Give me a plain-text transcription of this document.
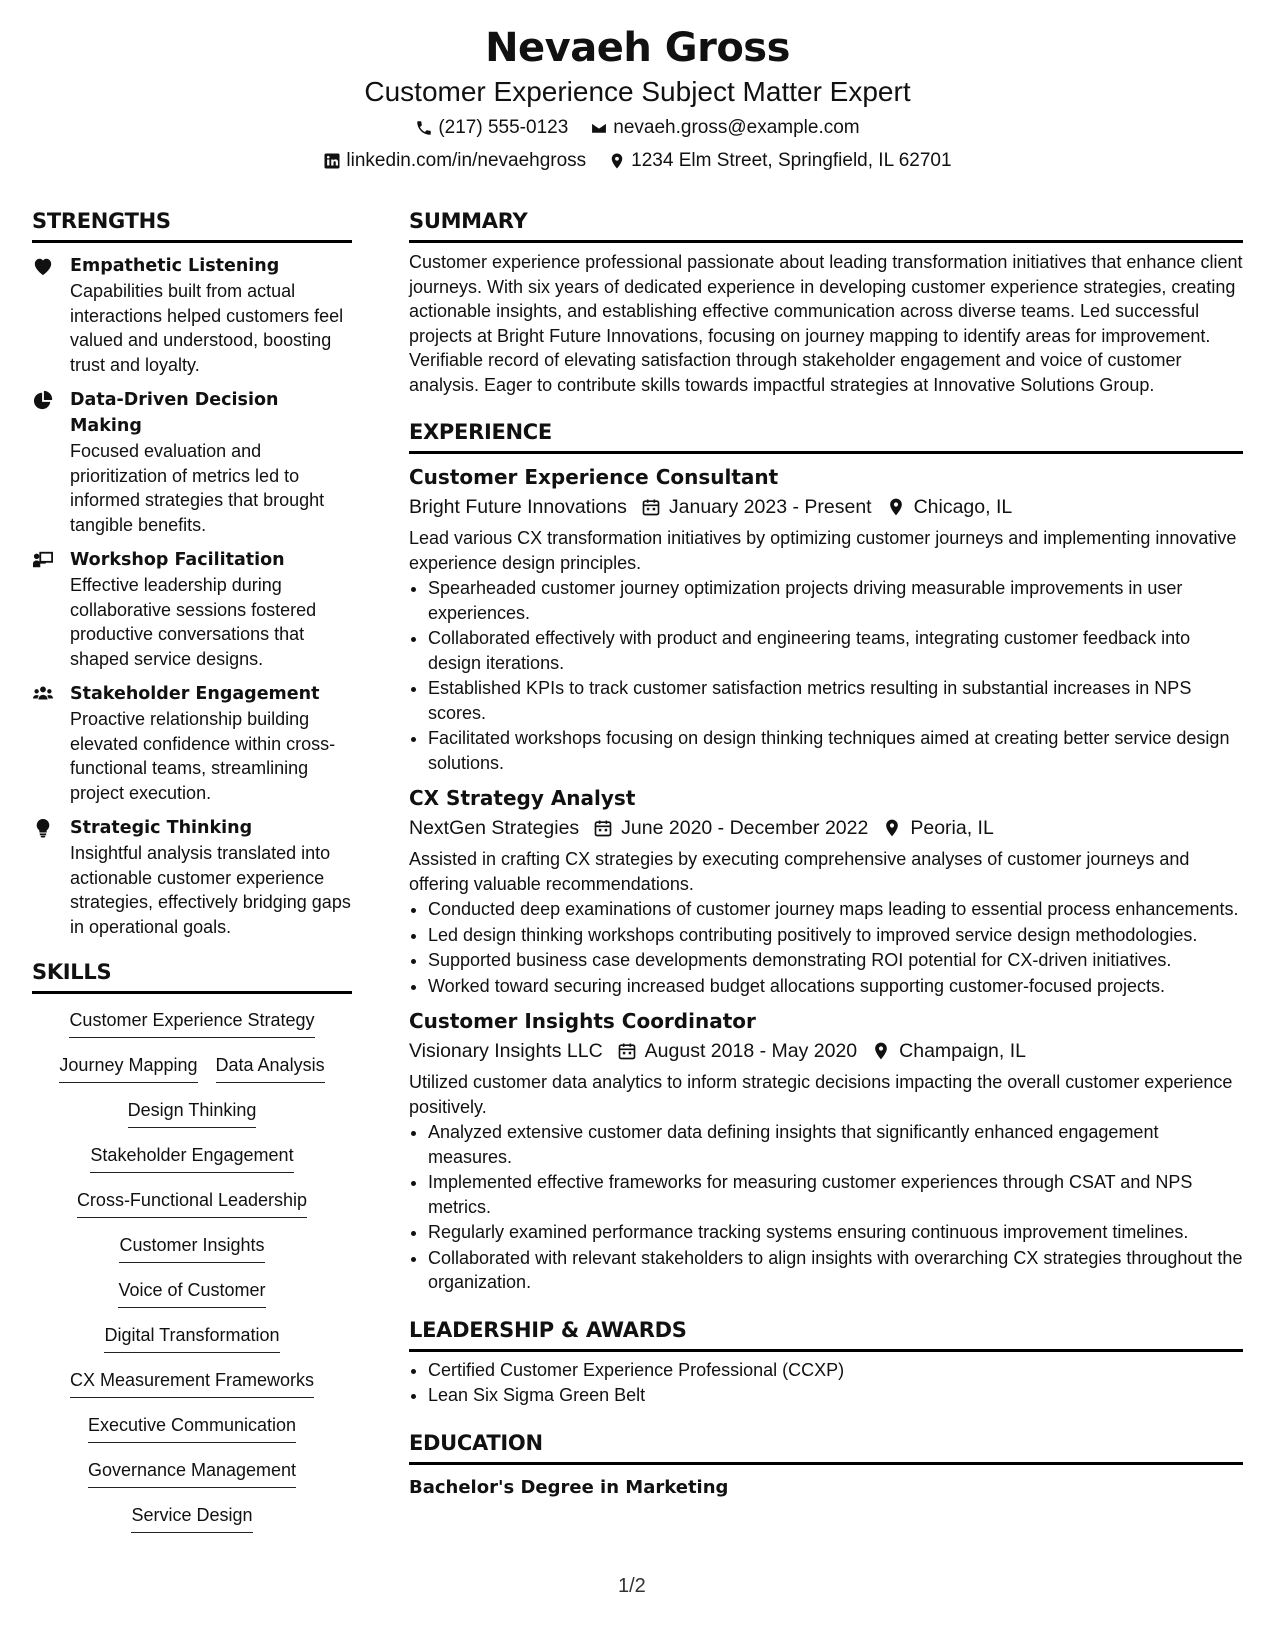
Nevaeh Gross
Customer Experience Subject Matter Expert
(217) 555-0123 nevaeh.gross@example.com
linkedin.com/in/nevaehgross 1234 Elm Street, Springfield, IL 62701
STRENGTHS
Empathetic Listening
Capabilities built from actual interactions helped customers feel valued and understood, boosting trust and loyalty.
Data-Driven Decision Making
Focused evaluation and prioritization of metrics led to informed strategies that brought tangible benefits.
Workshop Facilitation
Effective leadership during collaborative sessions fostered productive conversations that shaped service designs.
Stakeholder Engagement
Proactive relationship building elevated confidence within cross-functional teams, streamlining project execution.
Strategic Thinking
Insightful analysis translated into actionable customer experience strategies, effectively bridging gaps in operational goals.
SKILLS
Customer Experience Strategy
Journey Mapping Data Analysis
Design Thinking
Stakeholder Engagement
Cross-Functional Leadership
Customer Insights
Voice of Customer
Digital Transformation
CX Measurement Frameworks
Executive Communication
Governance Management
Service Design
SUMMARY
Customer experience professional passionate about leading transformation initiatives that enhance client journeys. With six years of dedicated experience in developing customer experience strategies, creating actionable insights, and establishing effective communication across diverse teams. Led successful projects at Bright Future Innovations, focusing on journey mapping to identify areas for improvement. Verifiable record of elevating satisfaction through stakeholder engagement and voice of customer analysis. Eager to contribute skills towards impactful strategies at Innovative Solutions Group.
EXPERIENCE
Customer Experience Consultant
Bright Future Innovations January 2023 - Present Chicago, IL
Lead various CX transformation initiatives by optimizing customer journeys and implementing innovative experience design principles.
• Spearheaded customer journey optimization projects driving measurable improvements in user experiences.
• Collaborated effectively with product and engineering teams, integrating customer feedback into design iterations.
• Established KPIs to track customer satisfaction metrics resulting in substantial increases in NPS scores.
• Facilitated workshops focusing on design thinking techniques aimed at creating better service design solutions.
CX Strategy Analyst
NextGen Strategies June 2020 - December 2022 Peoria, IL
Assisted in crafting CX strategies by executing comprehensive analyses of customer journeys and offering valuable recommendations.
• Conducted deep examinations of customer journey maps leading to essential process enhancements.
• Led design thinking workshops contributing positively to improved service design methodologies.
• Supported business case developments demonstrating ROI potential for CX-driven initiatives.
• Worked toward securing increased budget allocations supporting customer-focused projects.
Customer Insights Coordinator
Visionary Insights LLC August 2018 - May 2020 Champaign, IL
Utilized customer data analytics to inform strategic decisions impacting the overall customer experience positively.
• Analyzed extensive customer data defining insights that significantly enhanced engagement measures.
• Implemented effective frameworks for measuring customer experiences through CSAT and NPS metrics.
• Regularly examined performance tracking systems ensuring continuous improvement timelines.
• Collaborated with relevant stakeholders to align insights with overarching CX strategies throughout the organization.
LEADERSHIP & AWARDS
• Certified Customer Experience Professional (CCXP)
• Lean Six Sigma Green Belt
EDUCATION
Bachelor's Degree in Marketing
1/2
